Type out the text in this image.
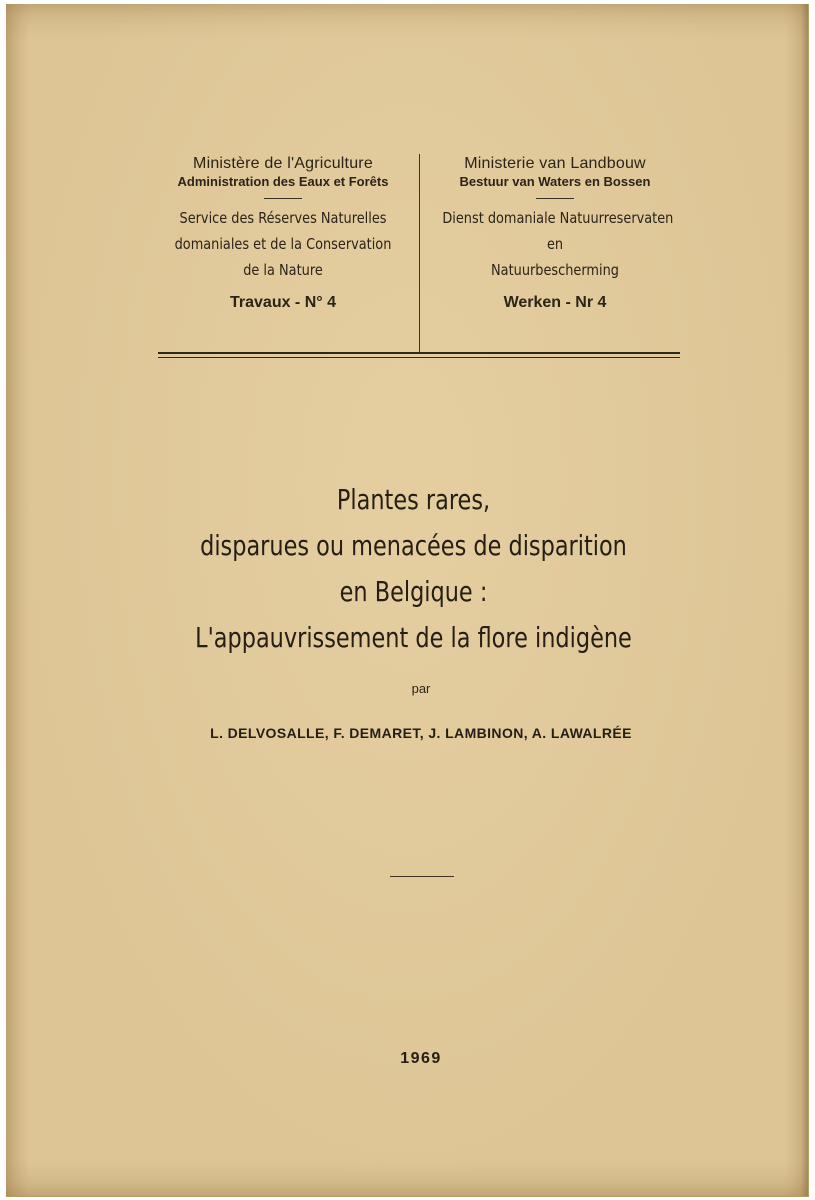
Ministère de l'Agriculture
Administration des Eaux et Forêts
Service des Réserves Naturelles
domaniales et de la Conservation
de la Nature
Travaux - N° 4
Ministerie van Landbouw
Bestuur van Waters en Bossen
Dienst domaniale Natuurreservaten
en
Natuurbescherming
Werken - Nr 4
Plantes rares,
disparues ou menacées de disparition
en Belgique :
L'appauvrissement de la flore indigène
par
L. DELVOSALLE, F. DEMARET, J. LAMBINON, A. LAWALRÉE
1969
